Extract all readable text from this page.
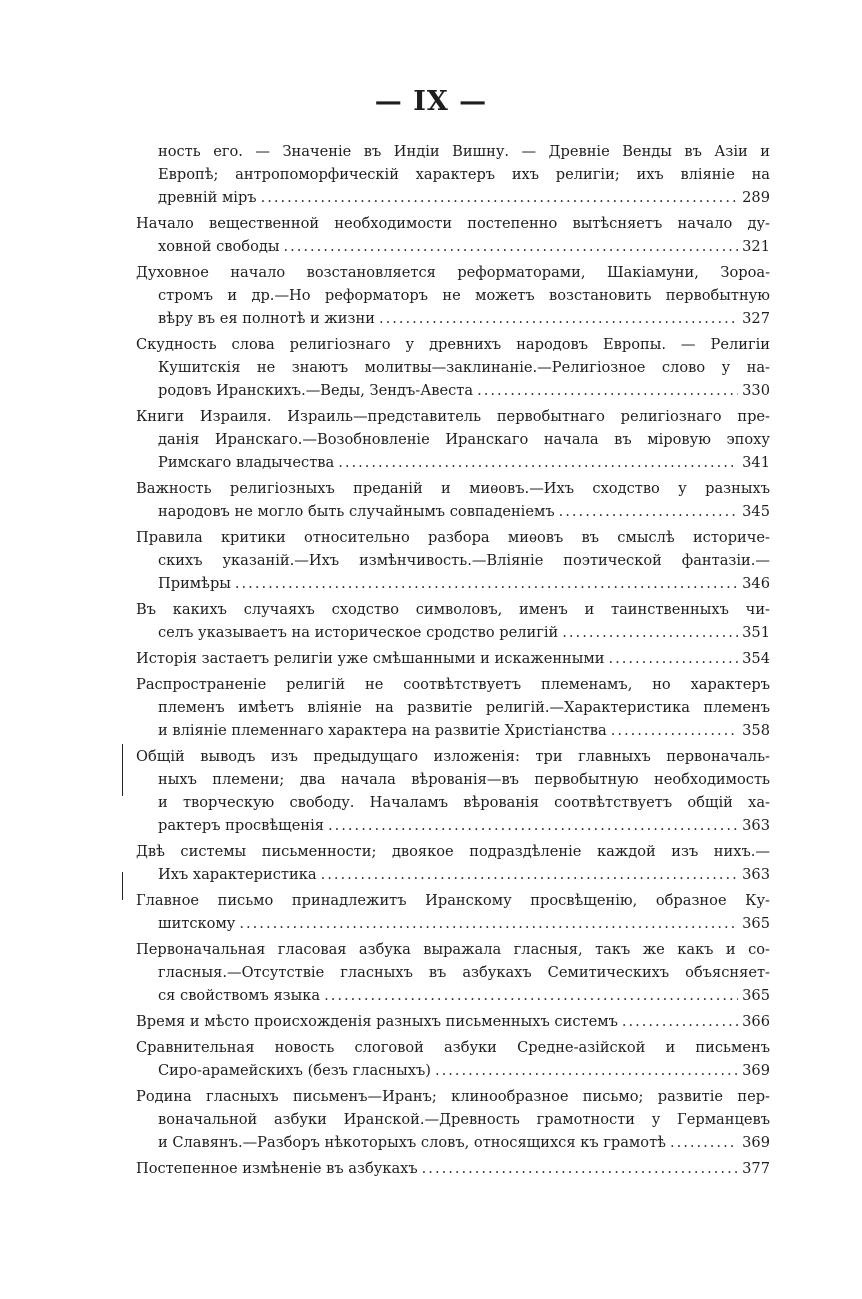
— IX —
ность его. — Значеніе въ Индіи Вишну. — Древніе Венды въ Азіи и
Европѣ; антропоморфическій характеръ ихъ религіи; ихъ вліяніе на
древній міръ .....	289
Начало вещественной необходимости постепенно вытѣсняетъ начало ду-
ховной свободы .....	321
Духовное начало возстановляется реформаторами, Шакіамуни, Зороа-
стромъ и др.—Но реформаторъ не можетъ возстановить первобытную
вѣру въ ея полнотѣ и жизни .....	327
Скудность слова религіознаго у древнихъ народовъ Европы. — Религіи
Кушитскія не знаютъ молитвы—заклинаніе.—Религіозное слово у на-
родовъ Иранскихъ.—Веды, Зендъ-Авеста .....	330
Книги Израиля. Израиль—представитель первобытнаго религіознаго пре-
данія Иранскаго.—Возобновленіе Иранскаго начала въ міровую эпоху
Римскаго владычества .....	341
Важность религіозныхъ преданій и миѳовъ.—Ихъ сходство у разныхъ
народовъ не могло быть случайнымъ совпаденіемъ .....	345
Правила критики относительно разбора миѳовъ въ смыслѣ историче-
скихъ указаній.—Ихъ измѣнчивость.—Вліяніе поэтической фантазіи.—
Примѣры .....	346
Въ какихъ случаяхъ сходство символовъ, именъ и таинственныхъ чи-
селъ указываетъ на историческое сродство религій .....	351
Исторія застаетъ религіи уже смѣшанными и искаженными .....	354
Распространеніе религій не соотвѣтствуетъ племенамъ, но характеръ
племенъ имѣетъ вліяніе на развитіе религій.—Характеристика племенъ
и вліяніе племеннаго характера на развитіе Христіанства .....	358
Общій выводъ изъ предыдущаго изложенія: три главныхъ первоначаль-
ныхъ племени; два начала вѣрованія—въ первобытную необходимость
и творческую свободу. Началамъ вѣрованія соотвѣтствуетъ общій ха-
рактеръ просвѣщенія .....	363
Двѣ системы письменности; двоякое подраздѣленіе каждой изъ нихъ.—
Ихъ характеристика .....	363
Главное письмо принадлежитъ Иранскому просвѣщенію, образное Ку-
шитскому .....	365
Первоначальная гласовая азбука выражала гласныя, такъ же какъ и со-
гласныя.—Отсутствіе гласныхъ въ азбукахъ Семитическихъ объясняет-
ся свойствомъ языка .....	365
Время и мѣсто происхожденія разныхъ письменныхъ системъ .....	366
Сравнительная новость слоговой азбуки Средне-азійской и письменъ
Сиро-арамейскихъ (безъ гласныхъ) .....	369
Родина гласныхъ письменъ—Иранъ; клинообразное письмо; развитіе пер-
воначальной азбуки Иранской.—Древность грамотности у Германцевъ
и Славянъ.—Разборъ нѣкоторыхъ словъ, относящихся къ грамотѣ .....	369
Постепенное измѣненіе въ азбукахъ .....	377
